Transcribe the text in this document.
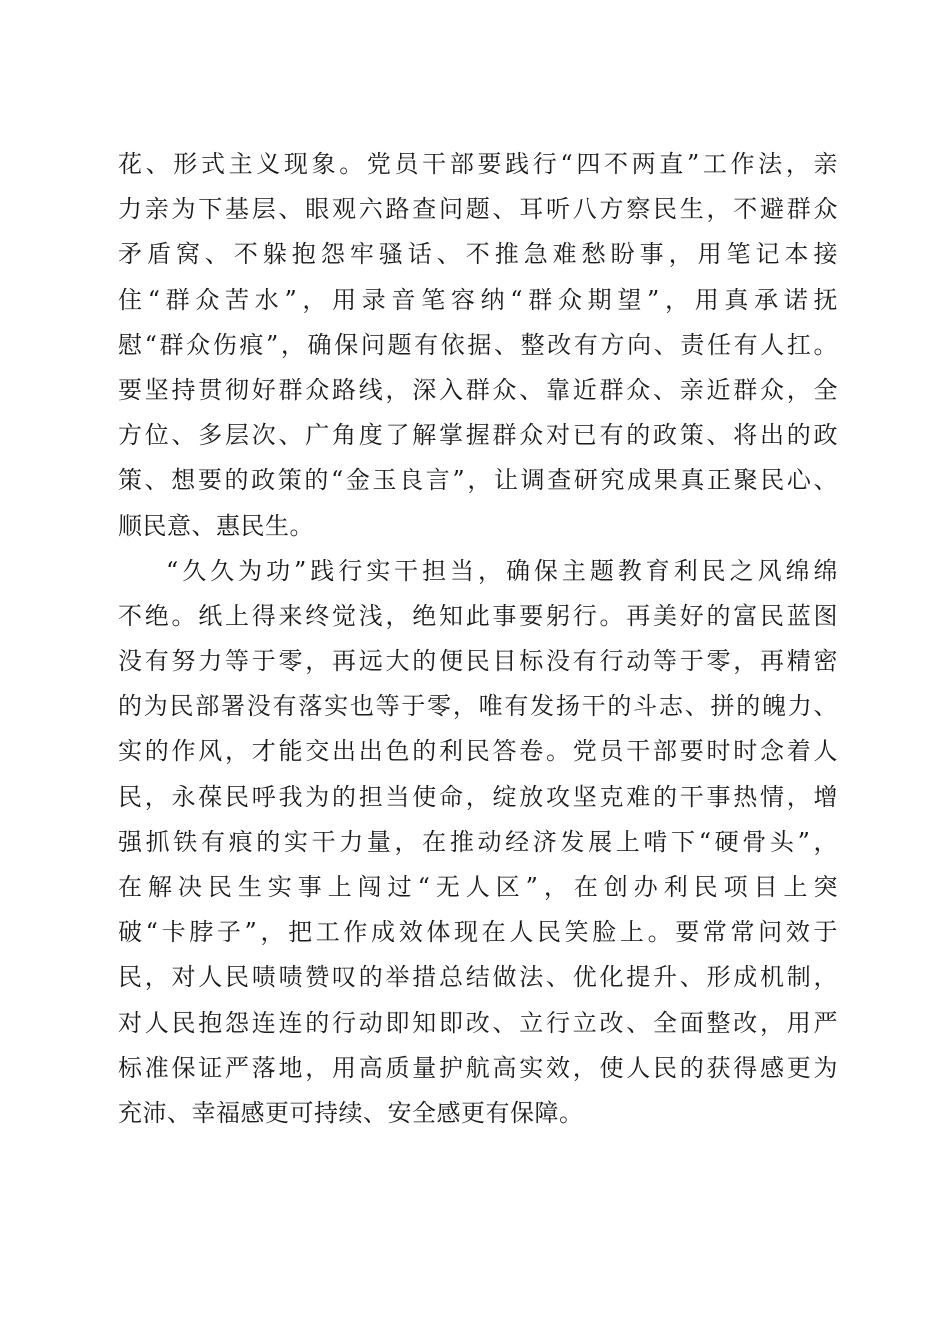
花、形式主义现象。党员干部要践行“四不两直”工作法，亲
力亲为下基层、眼观六路查问题、耳听八方察民生，不避群众
矛盾窝、不躲抱怨牢骚话、不推急难愁盼事，用笔记本接
住“群众苦水”，用录音笔容纳“群众期望”，用真承诺抚
慰“群众伤痕”，确保问题有依据、整改有方向、责任有人扛。
要坚持贯彻好群众路线，深入群众、靠近群众、亲近群众，全
方位、多层次、广角度了解掌握群众对已有的政策、将出的政
策、想要的政策的“金玉良言”，让调查研究成果真正聚民心、
顺民意、惠民生。
“久久为功”践行实干担当，确保主题教育利民之风绵绵
不绝。纸上得来终觉浅，绝知此事要躬行。再美好的富民蓝图
没有努力等于零，再远大的便民目标没有行动等于零，再精密
的为民部署没有落实也等于零，唯有发扬干的斗志、拼的魄力、
实的作风，才能交出出色的利民答卷。党员干部要时时念着人
民，永葆民呼我为的担当使命，绽放攻坚克难的干事热情，增
强抓铁有痕的实干力量，在推动经济发展上啃下“硬骨头”，
在解决民生实事上闯过“无人区”，在创办利民项目上突
破“卡脖子”，把工作成效体现在人民笑脸上。要常常问效于
民，对人民啧啧赞叹的举措总结做法、优化提升、形成机制，
对人民抱怨连连的行动即知即改、立行立改、全面整改，用严
标准保证严落地，用高质量护航高实效，使人民的获得感更为
充沛、幸福感更可持续、安全感更有保障。
